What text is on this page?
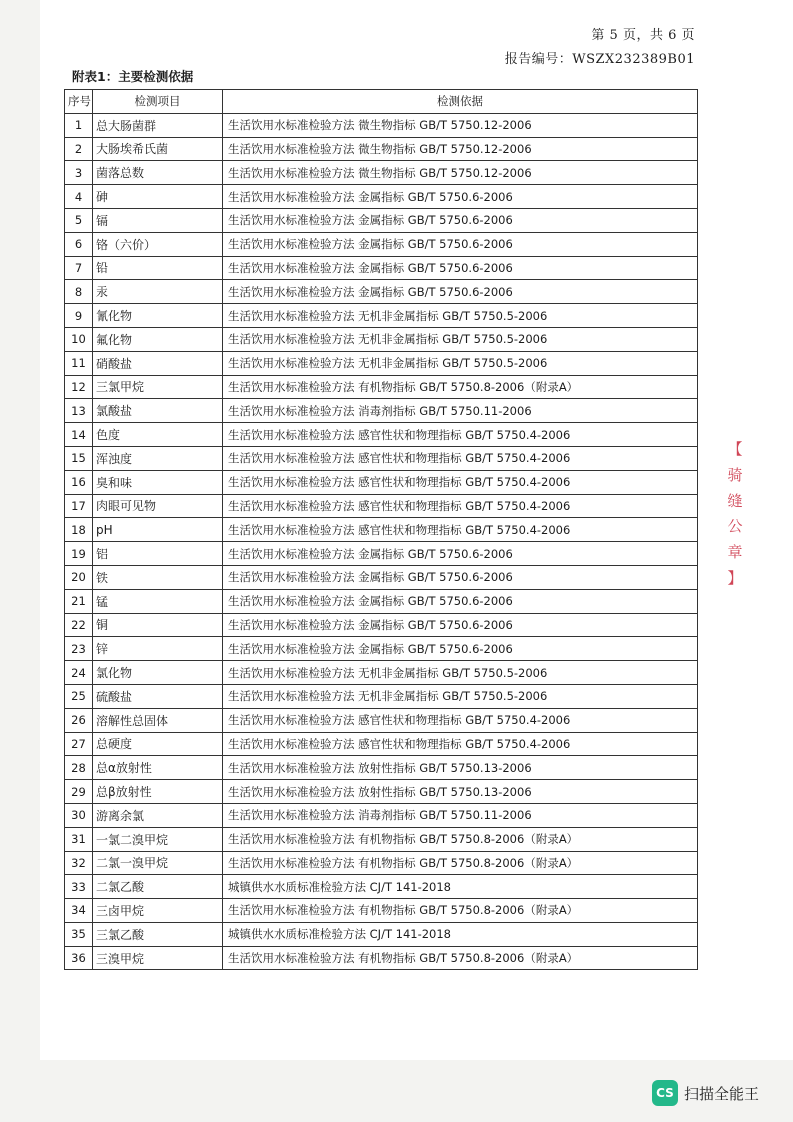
第 5 页，共 6 页
报告编号：WSZX232389B01
附表1：主要检测依据
序号	检测项目	检测依据
1	总大肠菌群	生活饮用水标准检验方法 微生物指标 GB/T 5750.12-2006
2	大肠埃希氏菌	生活饮用水标准检验方法 微生物指标 GB/T 5750.12-2006
3	菌落总数	生活饮用水标准检验方法 微生物指标 GB/T 5750.12-2006
4	砷	生活饮用水标准检验方法 金属指标 GB/T 5750.6-2006
5	镉	生活饮用水标准检验方法 金属指标 GB/T 5750.6-2006
6	铬（六价）	生活饮用水标准检验方法 金属指标 GB/T 5750.6-2006
7	铅	生活饮用水标准检验方法 金属指标 GB/T 5750.6-2006
8	汞	生活饮用水标准检验方法 金属指标 GB/T 5750.6-2006
9	氰化物	生活饮用水标准检验方法 无机非金属指标 GB/T 5750.5-2006
10	氟化物	生活饮用水标准检验方法 无机非金属指标 GB/T 5750.5-2006
11	硝酸盐	生活饮用水标准检验方法 无机非金属指标 GB/T 5750.5-2006
12	三氯甲烷	生活饮用水标准检验方法 有机物指标 GB/T 5750.8-2006（附录A）
13	氯酸盐	生活饮用水标准检验方法 消毒剂指标 GB/T 5750.11-2006
14	色度	生活饮用水标准检验方法 感官性状和物理指标 GB/T 5750.4-2006
15	浑浊度	生活饮用水标准检验方法 感官性状和物理指标 GB/T 5750.4-2006
16	臭和味	生活饮用水标准检验方法 感官性状和物理指标 GB/T 5750.4-2006
17	肉眼可见物	生活饮用水标准检验方法 感官性状和物理指标 GB/T 5750.4-2006
18	pH	生活饮用水标准检验方法 感官性状和物理指标 GB/T 5750.4-2006
19	铝	生活饮用水标准检验方法 金属指标 GB/T 5750.6-2006
20	铁	生活饮用水标准检验方法 金属指标 GB/T 5750.6-2006
21	锰	生活饮用水标准检验方法 金属指标 GB/T 5750.6-2006
22	铜	生活饮用水标准检验方法 金属指标 GB/T 5750.6-2006
23	锌	生活饮用水标准检验方法 金属指标 GB/T 5750.6-2006
24	氯化物	生活饮用水标准检验方法 无机非金属指标 GB/T 5750.5-2006
25	硫酸盐	生活饮用水标准检验方法 无机非金属指标 GB/T 5750.5-2006
26	溶解性总固体	生活饮用水标准检验方法 感官性状和物理指标 GB/T 5750.4-2006
27	总硬度	生活饮用水标准检验方法 感官性状和物理指标 GB/T 5750.4-2006
28	总α放射性	生活饮用水标准检验方法 放射性指标 GB/T 5750.13-2006
29	总β放射性	生活饮用水标准检验方法 放射性指标 GB/T 5750.13-2006
30	游离余氯	生活饮用水标准检验方法 消毒剂指标 GB/T 5750.11-2006
31	一氯二溴甲烷	生活饮用水标准检验方法 有机物指标 GB/T 5750.8-2006（附录A）
32	二氯一溴甲烷	生活饮用水标准检验方法 有机物指标 GB/T 5750.8-2006（附录A）
33	二氯乙酸	城镇供水水质标准检验方法 CJ/T 141-2018
34	三卤甲烷	生活饮用水标准检验方法 有机物指标 GB/T 5750.8-2006（附录A）
35	三氯乙酸	城镇供水水质标准检验方法 CJ/T 141-2018
36	三溴甲烷	生活饮用水标准检验方法 有机物指标 GB/T 5750.8-2006（附录A）
【
骑
缝
公
章
】
CS 扫描全能王
